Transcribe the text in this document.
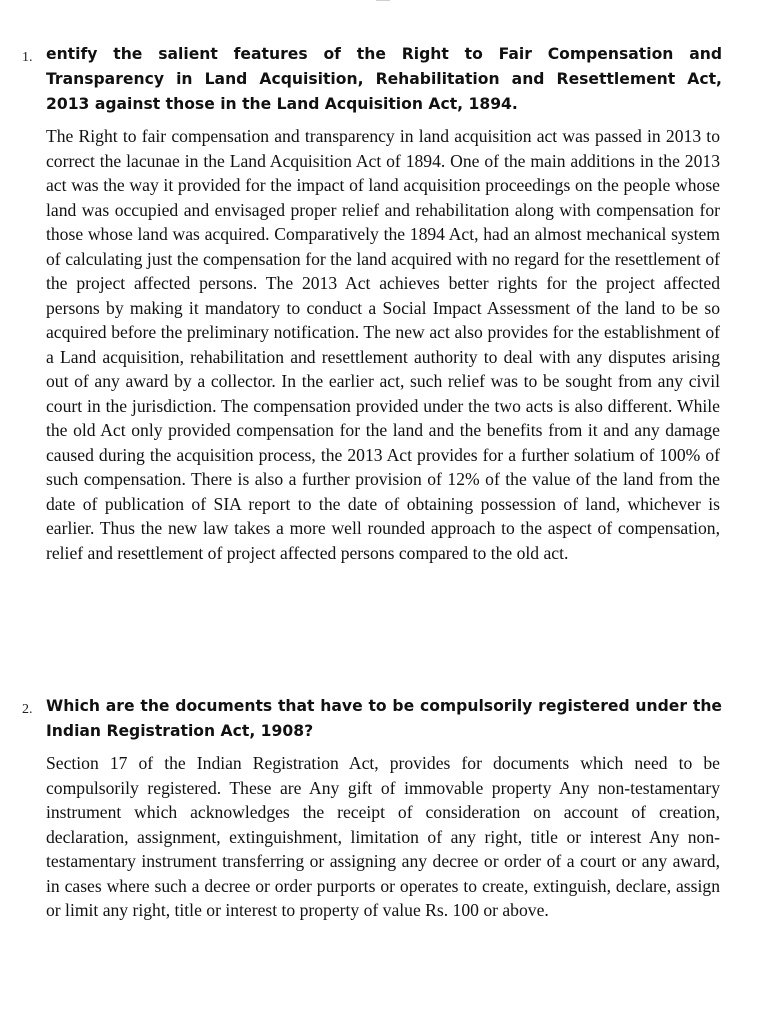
1. entify the salient features of the Right to Fair Compensation and Transparency in Land Acquisition, Rehabilitation and Resettlement Act, 2013 against those in the Land Acquisition Act, 1894.

The Right to fair compensation and transparency in land acquisition act was passed in 2013 to correct the lacunae in the Land Acquisition Act of 1894. One of the main additions in the 2013 act was the way it provided for the impact of land acquisition proceedings on the people whose land was occupied and envisaged proper relief and rehabilitation along with compensation for those whose land was acquired. Comparatively the 1894 Act, had an almost mechanical system of calculating just the compensation for the land acquired with no regard for the resettlement of the project affected persons. The 2013 Act achieves better rights for the project affected persons by making it mandatory to conduct a Social Impact Assessment of the land to be so acquired before the preliminary notification. The new act also provides for the establishment of a Land acquisition, rehabilitation and resettlement authority to deal with any disputes arising out of any award by a collector. In the earlier act, such relief was to be sought from any civil court in the jurisdiction. The compensation provided under the two acts is also different. While the old Act only provided compensation for the land and the benefits from it and any damage caused during the acquisition process, the 2013 Act provides for a further solatium of 100% of such compensation. There is also a further provision of 12% of the value of the land from the date of publication of SIA report to the date of obtaining possession of land, whichever is earlier. Thus the new law takes a more well rounded approach to the aspect of compensation, relief and resettlement of project affected persons compared to the old act.

2. Which are the documents that have to be compulsorily registered under the Indian Registration Act, 1908?

Section 17 of the Indian Registration Act, provides for documents which need to be compulsorily registered. These are Any gift of immovable property Any non-testamentary instrument which acknowledges the receipt of consideration on account of creation, declaration, assignment, extinguishment, limitation of any right, title or interest Any non-testamentary instrument transferring or assigning any decree or order of a court or any award, in cases where such a decree or order purports or operates to create, extinguish, declare, assign or limit any right, title or interest to property of value Rs. 100 or above.
